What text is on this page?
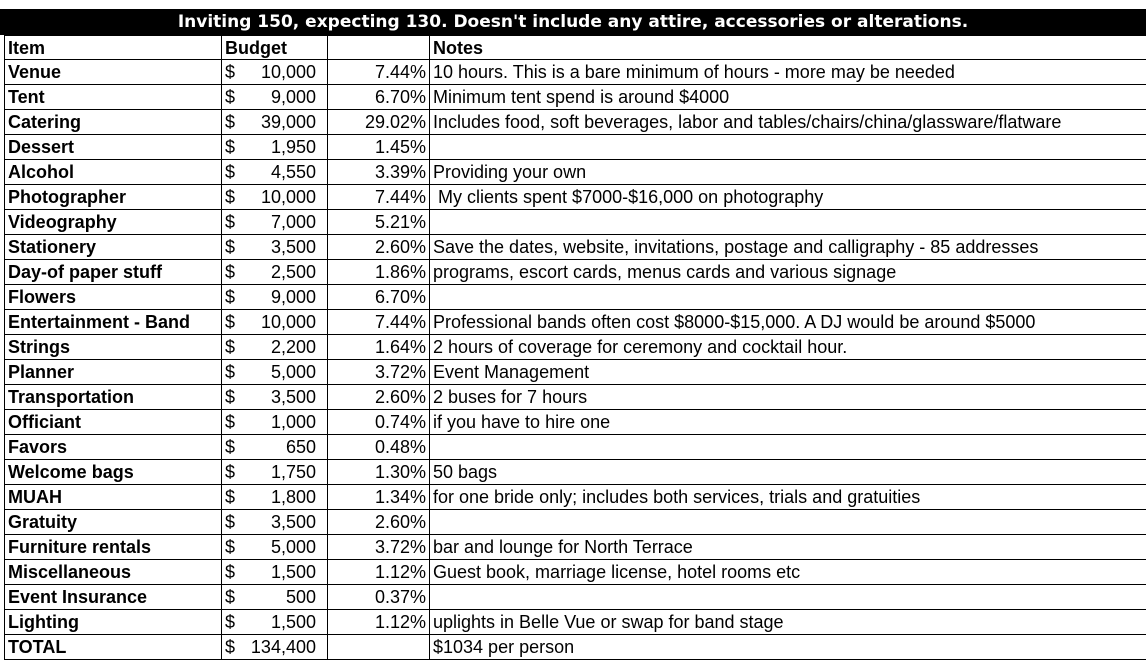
Inviting 150, expecting 130. Doesn't include any attire, accessories or alterations.
Item	Budget		Notes
Venue	$ 10,000	7.44%	10 hours. This is a bare minimum of hours - more may be needed
Tent	$ 9,000	6.70%	Minimum tent spend is around $4000
Catering	$ 39,000	29.02%	Includes food, soft beverages, labor and tables/chairs/china/glassware/flatware
Dessert	$ 1,950	1.45%	
Alcohol	$ 4,550	3.39%	Providing your own
Photographer	$ 10,000	7.44%	My clients spent $7000-$16,000 on photography
Videography	$ 7,000	5.21%	
Stationery	$ 3,500	2.60%	Save the dates, website, invitations, postage and calligraphy - 85 addresses
Day-of paper stuff	$ 2,500	1.86%	programs, escort cards, menus cards and various signage
Flowers	$ 9,000	6.70%	
Entertainment - Band	$ 10,000	7.44%	Professional bands often cost $8000-$15,000. A DJ would be around $5000
Strings	$ 2,200	1.64%	2 hours of coverage for ceremony and cocktail hour.
Planner	$ 5,000	3.72%	Event Management
Transportation	$ 3,500	2.60%	2 buses for 7 hours
Officiant	$ 1,000	0.74%	if you have to hire one
Favors	$ 650	0.48%	
Welcome bags	$ 1,750	1.30%	50 bags
MUAH	$ 1,800	1.34%	for one bride only; includes both services, trials and gratuities
Gratuity	$ 3,500	2.60%	
Furniture rentals	$ 5,000	3.72%	bar and lounge for North Terrace
Miscellaneous	$ 1,500	1.12%	Guest book, marriage license, hotel rooms etc
Event Insurance	$ 500	0.37%	
Lighting	$ 1,500	1.12%	uplights in Belle Vue or swap for band stage
TOTAL	$ 134,400		$1034 per person
